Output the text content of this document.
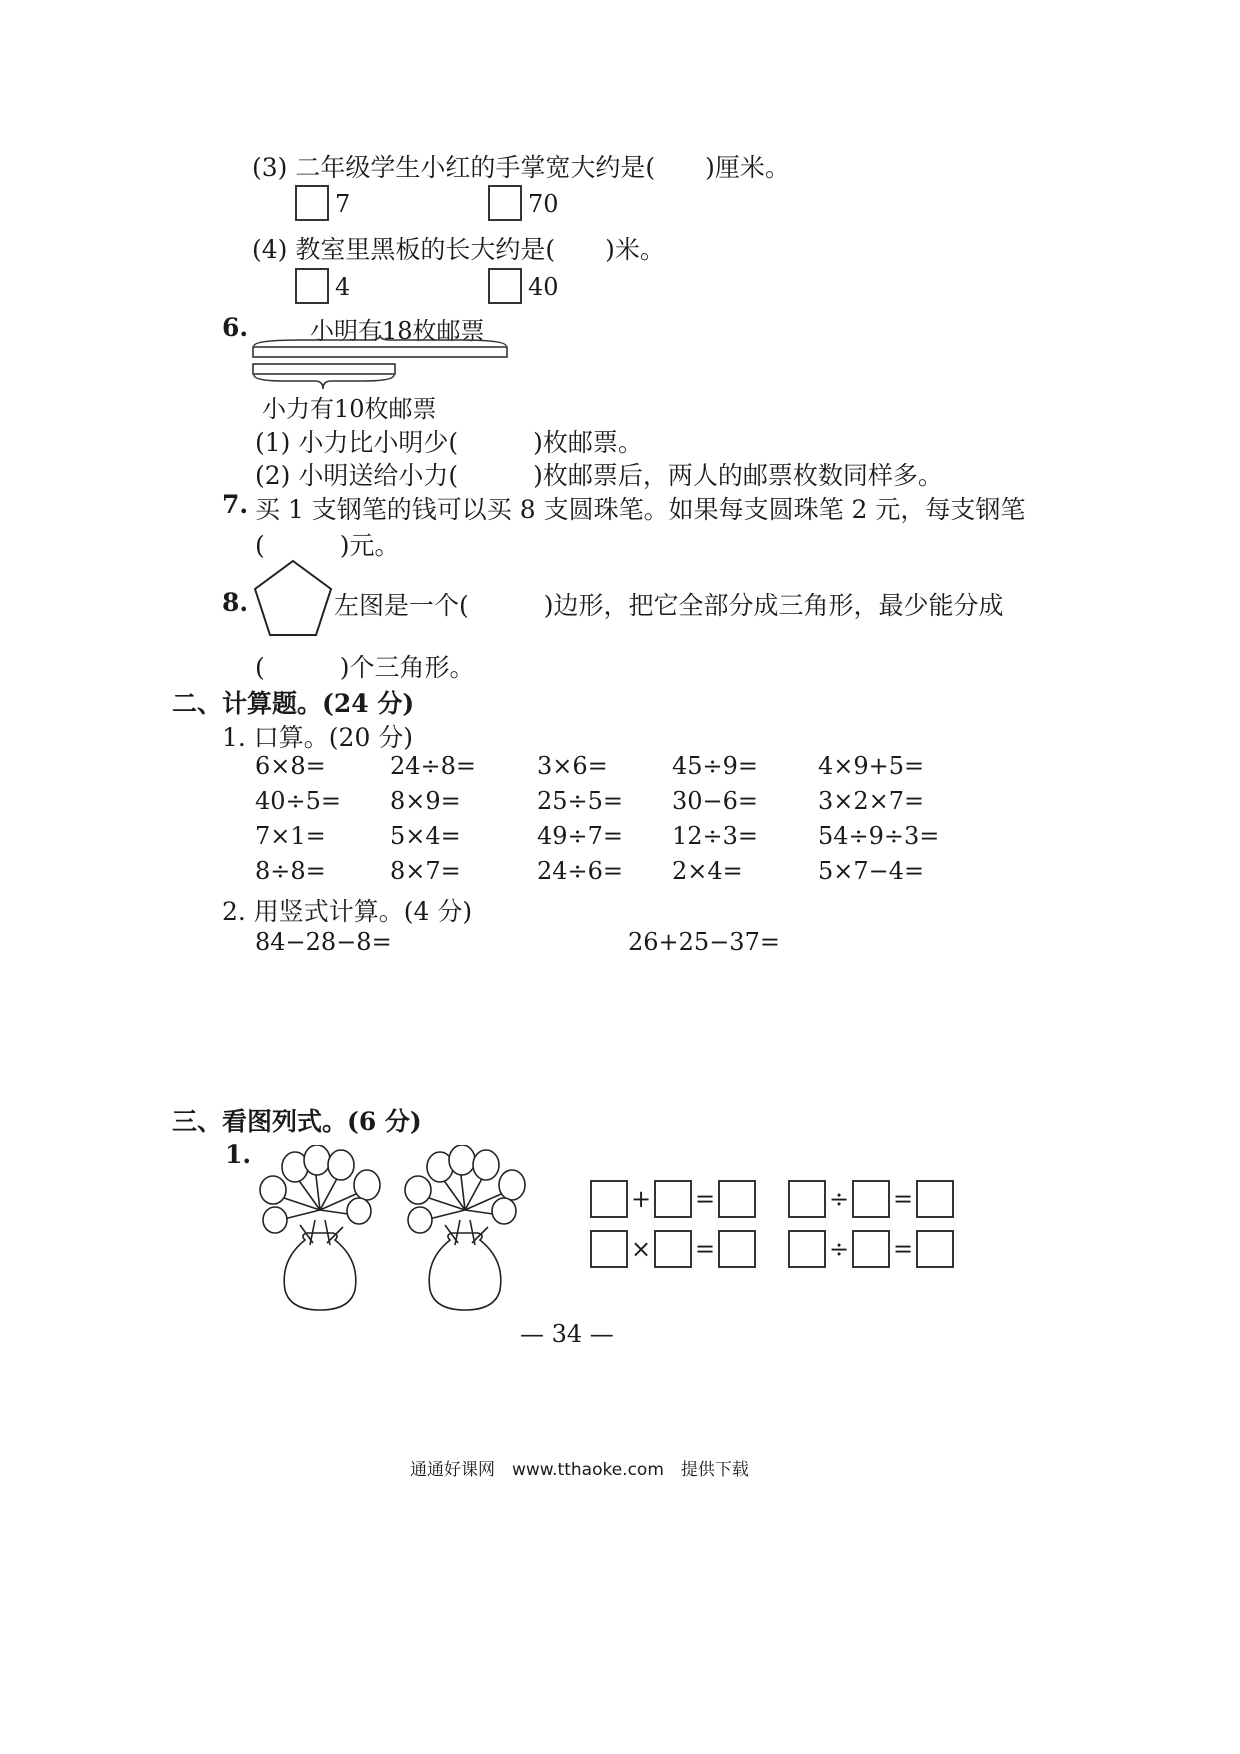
(3) 二年级学生小红的手掌宽大约是(　　)厘米。
7	70
(4) 教室里黑板的长大约是(　　)米。
4	40
6.	小明有18枚邮票
小力有10枚邮票
(1) 小力比小明少(　　　)枚邮票。
(2) 小明送给小力(　　　)枚邮票后，两人的邮票枚数同样多。
7. 买 1 支钢笔的钱可以买 8 支圆珠笔。如果每支圆珠笔 2 元，每支钢笔
(　　　)元。
8.	左图是一个(　　　)边形，把它全部分成三角形，最少能分成
(　　　)个三角形。
二、计算题。(24 分)
1. 口算。(20 分)
6×8=	24÷8=	3×6=	45÷9= 4×9+5=
40÷5= 8×9=	25÷5= 30−6= 3×2×7=
7×1=	5×4=	49÷7= 12÷3= 54÷9÷3=
8÷8=	8×7=	24÷6= 2×4=	5×7−4=
2. 用竖式计算。(4 分)
84−28−8=	26+25−37=
三、看图列式。(6 分)
1.
+ =	÷ =
× =	÷ =
— 34 —
通通好课网　www.tthaoke.com　提供下载
